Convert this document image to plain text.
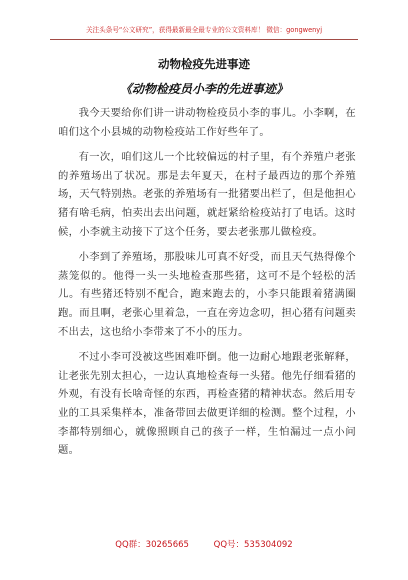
关注头条号“公文研究”，获得最新最全最专业的公文资料库！ 微信：gongwenyj
动物检疫先进事迹
《动物检疫员小李的先进事迹》

我今天要给你们讲一讲动物检疫员小李的事儿。小李啊，在咱们这个小县城的动物检疫站工作好些年了。

有一次，咱们这儿一个比较偏远的村子里，有个养殖户老张的养殖场出了状况。那是去年夏天，在村子最西边的那个养殖场，天气特别热。老张的养殖场有一批猪要出栏了，但是他担心猪有啥毛病，怕卖出去出问题，就赶紧给检疫站打了电话。这时候，小李就主动接下了这个任务，要去老张那儿做检疫。

小李到了养殖场，那股味儿可真不好受，而且天气热得像个蒸笼似的。他得一头一头地检查那些猪，这可不是个轻松的活儿。有些猪还特别不配合，跑来跑去的，小李只能跟着猪满圈跑。而且啊，老张心里着急，一直在旁边念叨，担心猪有问题卖不出去，这也给小李带来了不小的压力。

不过小李可没被这些困难吓倒。他一边耐心地跟老张解释，让老张先别太担心，一边认真地检查每一头猪。他先仔细看猪的外观，有没有长啥奇怪的东西，再检查猪的精神状态。然后用专业的工具采集样本，准备带回去做更详细的检测。整个过程，小李都特别细心，就像照顾自己的孩子一样，生怕漏过一点小问题。

QQ群：30265665	QQ号：535304092
